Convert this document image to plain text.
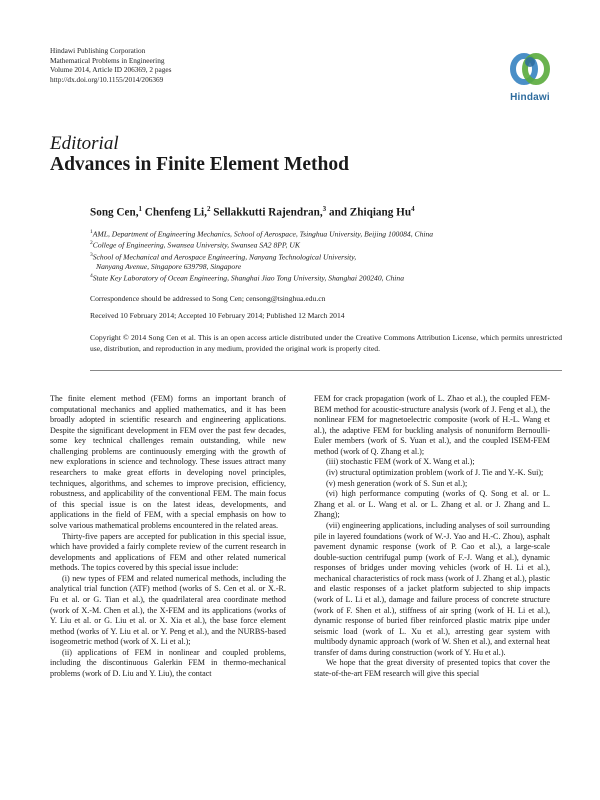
Hindawi Publishing Corporation
Mathematical Problems in Engineering
Volume 2014, Article ID 206369, 2 pages
http://dx.doi.org/10.1155/2014/206369
Hindawi
Editorial
Advances in Finite Element Method
Song Cen,$^1$ Chenfeng Li,$^2$ Sellakkutti Rajendran,$^3$ and Zhiqiang Hu$^4$
$^1$AML, Department of Engineering Mechanics, School of Aerospace, Tsinghua University, Beijing 100084, China
$^2$College of Engineering, Swansea University, Swansea SA2 8PP, UK
$^3$School of Mechanical and Aerospace Engineering, Nanyang Technological University,
Nanyang Avenue, Singapore 639798, Singapore
$^4$State Key Laboratory of Ocean Engineering, Shanghai Jiao Tong University, Shanghai 200240, China
Correspondence should be addressed to Song Cen; censong@tsinghua.edu.cn
Received 10 February 2014; Accepted 10 February 2014; Published 12 March 2014
Copyright © 2014 Song Cen et al. This is an open access article distributed under the Creative Commons Attribution License, which permits unrestricted use, distribution, and reproduction in any medium, provided the original work is properly cited.

The finite element method (FEM) forms an important branch of computational mechanics and applied mathematics, and it has been broadly adopted in scientific research and engineering applications. Despite the significant development in FEM over the past few decades, some key technical challenges remain outstanding, while new challenging problems are continuously emerging with the growth of new explorations in science and technology. These issues attract many researchers to make great efforts in developing novel principles, techniques, algorithms, and schemes to improve precision, efficiency, robustness, and applicability of the conventional FEM. The main focus of this special issue is on the latest ideas, developments, and applications in the field of FEM, with a special emphasis on how to solve various mathematical problems encountered in the related areas.

Thirty-five papers are accepted for publication in this special issue, which have provided a fairly complete review of the current research in developments and applications of FEM and other related numerical methods. The topics covered by this special issue include:

(i) new types of FEM and related numerical methods, including the analytical trial function (ATF) method (works of S. Cen et al. or X.-R. Fu et al. or G. Tian et al.), the quadrilateral area coordinate method (work of X.-M. Chen et al.), the X-FEM and its applications (works of Y. Liu et al. or G. Liu et al. or X. Xia et al.), the base force element method (works of Y. Liu et al. or Y. Peng et al.), and the NURBS-based isogeometric method (work of X. Li et al.);

(ii) applications of FEM in nonlinear and coupled problems, including the discontinuous Galerkin FEM in thermo-mechanical problems (work of D. Liu and Y. Liu), the contact

FEM for crack propagation (work of L. Zhao et al.), the coupled FEM-BEM method for acoustic-structure analysis (work of J. Feng et al.), the nonlinear FEM for magnetoelectric composite (work of H.-L. Wang et al.), the adaptive FEM for buckling analysis of nonuniform Bernoulli-Euler members (work of S. Yuan et al.), and the coupled ISEM-FEM method (work of Q. Zhang et al.);

(iii) stochastic FEM (work of X. Wang et al.);

(iv) structural optimization problem (work of J. Tie and Y.-K. Sui);

(v) mesh generation (work of S. Sun et al.);

(vi) high performance computing (works of Q. Song et al. or L. Zhang et al. or L. Wang et al. or L. Zhang et al. or J. Zhang and L. Zhang);

(vii) engineering applications, including analyses of soil surrounding pile in layered foundations (work of W.-J. Yao and H.-C. Zhou), asphalt pavement dynamic response (work of P. Cao et al.), a large-scale double-suction centrifugal pump (work of F.-J. Wang et al.), dynamic responses of bridges under moving vehicles (work of H. Li et al.), mechanical characteristics of rock mass (work of J. Zhang et al.), plastic and elastic responses of a jacket platform subjected to ship impacts (work of L. Li et al.), damage and failure process of concrete structure (work of F. Shen et al.), stiffness of air spring (work of H. Li et al.), dynamic response of buried fiber reinforced plastic matrix pipe under seismic load (work of L. Xu et al.), arresting gear system with multibody dynamic approach (work of W. Shen et al.), and external heat transfer of dams during construction (work of Y. Hu et al.).

We hope that the great diversity of presented topics that cover the state-of-the-art FEM research will give this special
